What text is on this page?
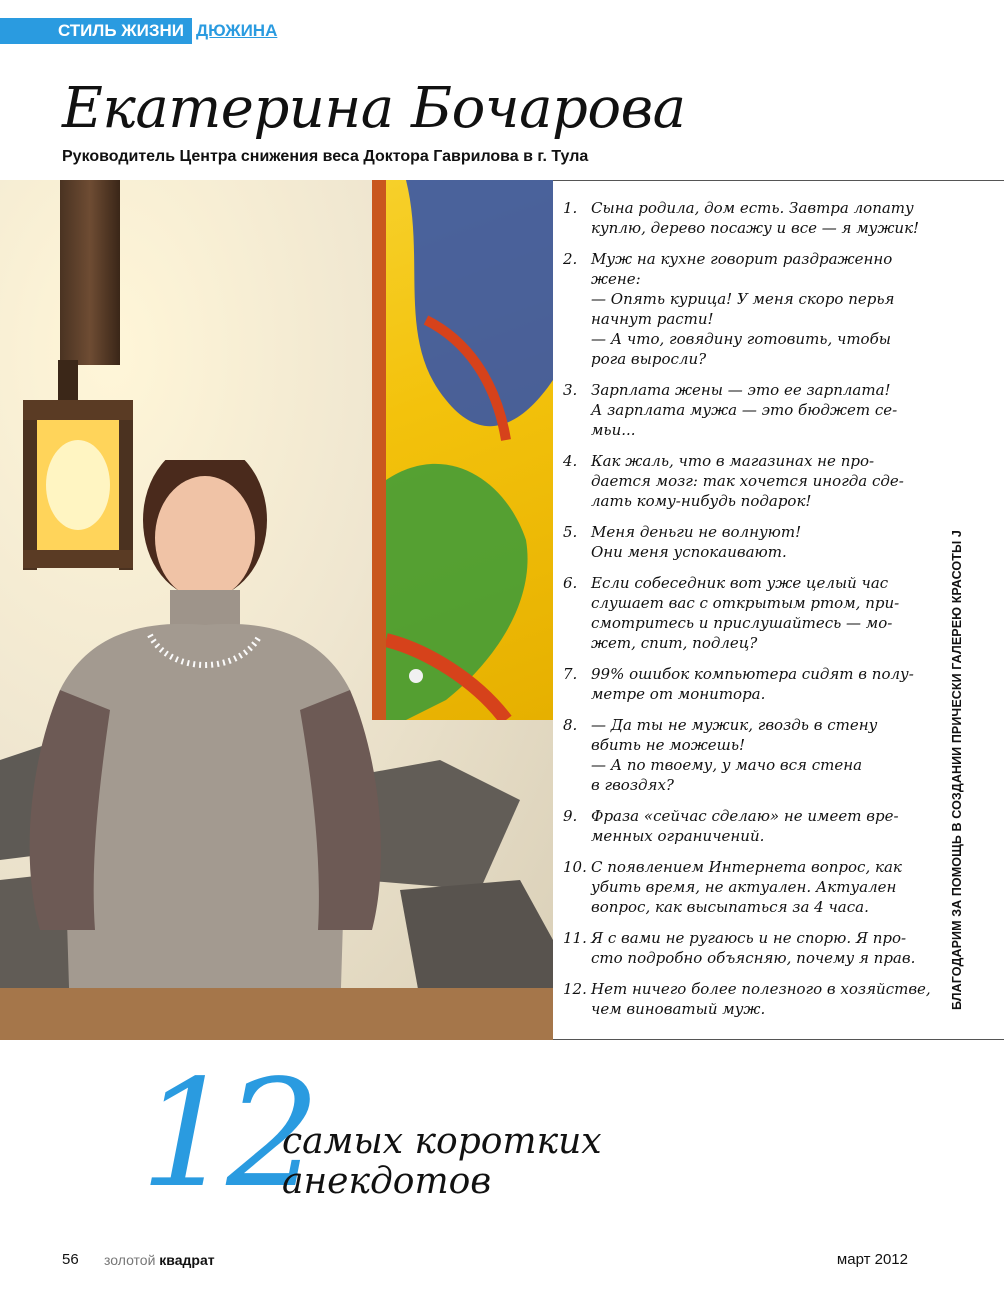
СТИЛЬ ЖИЗНИ ДЮЖИНА
Екатерина Бочарова
Руководитель Центра снижения веса Доктора Гаврилова в г. Тула
1. Сына родила, дом есть. Завтра лопату
куплю, дерево посажу и все — я мужик!
2. Муж на кухне говорит раздраженно
жене:
— Опять курица! У меня скоро перья
начнут расти!
— А что, говядину готовить, чтобы
рога выросли?
3. Зарплата жены — это ее зарплата!
А зарплата мужа — это бюджет се-
мьи...
4. Как жаль, что в магазинах не про-
дается мозг: так хочется иногда сде-
лать кому-нибудь подарок!
5. Меня деньги не волнуют!
Они меня успокаивают.
6. Если собеседник вот уже целый час
слушает вас с открытым ртом, при-
смотритесь и прислушайтесь — мо-
жет, спит, подлец?
7. 99% ошибок компьютера сидят в полу-
метре от монитора.
8. — Да ты не мужик, гвоздь в стену
вбить не можешь!
— А по твоему, у мачо вся стена
в гвоздях?
9. Фраза «сейчас сделаю» не имеет вре-
менных ограничений.
10. С появлением Интернета вопрос, как
убить время, не актуален. Актуален
вопрос, как высыпаться за 4 часа.
11. Я с вами не ругаюсь и не спорю. Я про-
сто подробно объясняю, почему я прав.
12. Нет ничего более полезного в хозяйстве,
чем виноватый муж.	БЛАГОДАРИМ ЗА ПОМОЩЬ В СОЗДАНИИ ПРИЧЕСКИ ГАЛЕРЕЮ КРАСОТЫ J
12
самых коротких
анекдотов
56 золотой квадрат	март 2012
